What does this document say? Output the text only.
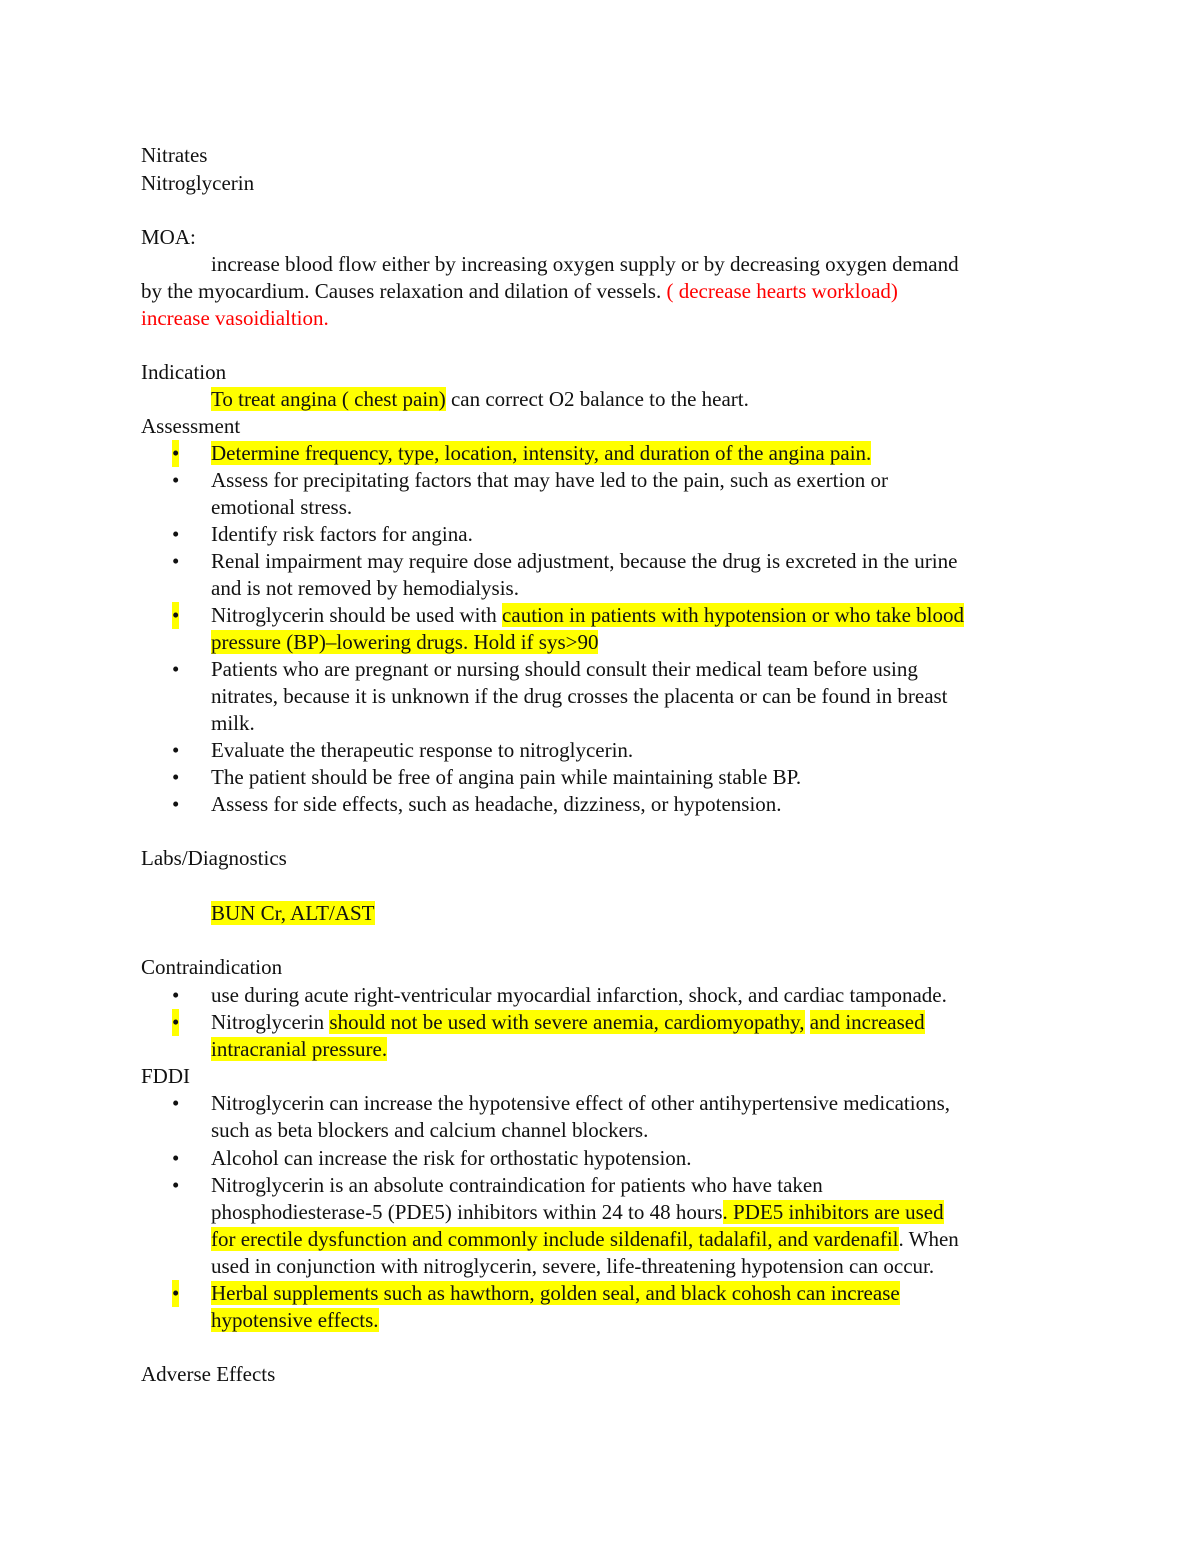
Nitrates
Nitroglycerin
MOA:
increase blood flow either by increasing oxygen supply or by decreasing oxygen demand
by the myocardium. Causes relaxation and dilation of vessels. ( decrease hearts workload)
increase vasoidialtion.
Indication
To treat angina ( chest pain) can correct O2 balance to the heart.
Assessment
• Determine frequency, type, location, intensity, and duration of the angina pain.
• Assess for precipitating factors that may have led to the pain, such as exertion or
emotional stress.
• Identify risk factors for angina.
• Renal impairment may require dose adjustment, because the drug is excreted in the urine
and is not removed by hemodialysis.
• Nitroglycerin should be used with caution in patients with hypotension or who take blood
pressure (BP)–lowering drugs. Hold if sys>90
• Patients who are pregnant or nursing should consult their medical team before using
nitrates, because it is unknown if the drug crosses the placenta or can be found in breast
milk.
• Evaluate the therapeutic response to nitroglycerin.
• The patient should be free of angina pain while maintaining stable BP.
• Assess for side effects, such as headache, dizziness, or hypotension.
Labs/Diagnostics
BUN Cr, ALT/AST
Contraindication
• use during acute right-ventricular myocardial infarction, shock, and cardiac tamponade.
• Nitroglycerin should not be used with severe anemia, cardiomyopathy, and increased
intracranial pressure.
FDDI
• Nitroglycerin can increase the hypotensive effect of other antihypertensive medications,
such as beta blockers and calcium channel blockers.
• Alcohol can increase the risk for orthostatic hypotension.
• Nitroglycerin is an absolute contraindication for patients who have taken
phosphodiesterase-5 (PDE5) inhibitors within 24 to 48 hours. PDE5 inhibitors are used
for erectile dysfunction and commonly include sildenafil, tadalafil, and vardenafil. When
used in conjunction with nitroglycerin, severe, life-threatening hypotension can occur.
• Herbal supplements such as hawthorn, golden seal, and black cohosh can increase
hypotensive effects.
Adverse Effects
